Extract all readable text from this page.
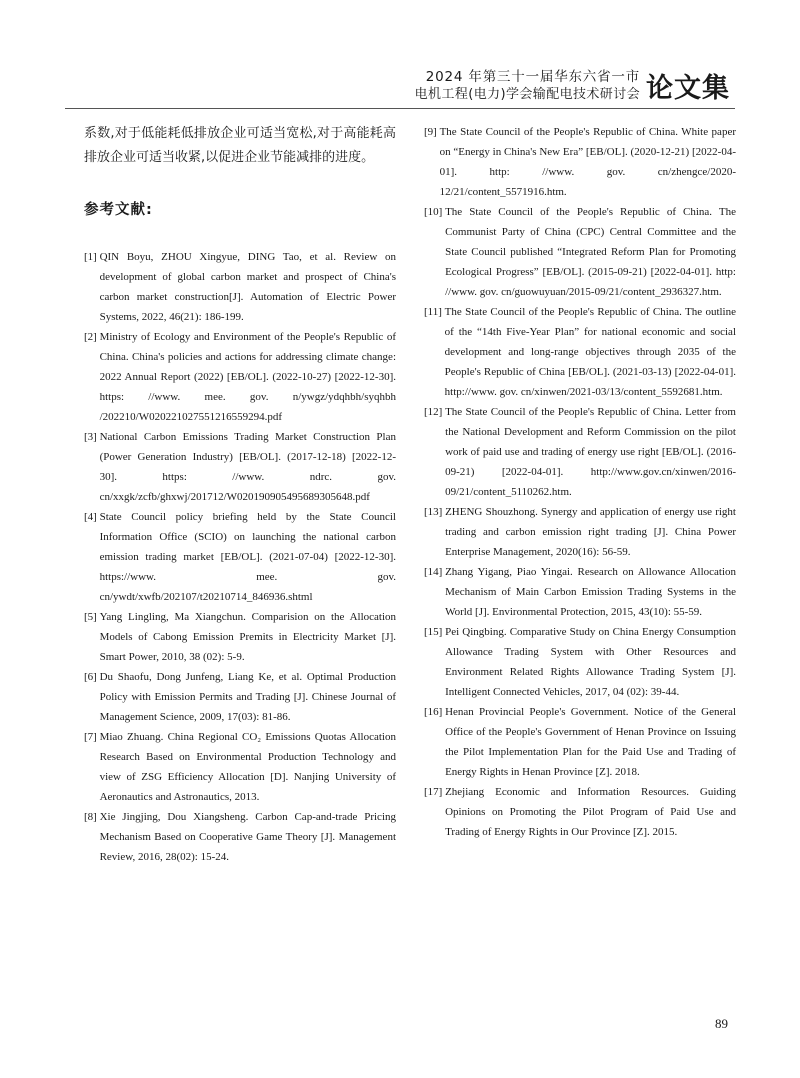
2024 年第三十一届华东六省一市
电机工程(电力)学会输配电技术研讨会 论文集

系数,对于低能耗低排放企业可适当宽松,对于高能耗高排放企业可适当收紧,以促进企业节能减排的进度。

参考文献:
[1] QIN Boyu, ZHOU Xingyue, DING Tao, et al. Review on development of global carbon market and prospect of China's carbon market construction[J]. Automation of Electric Power Systems, 2022, 46(21): 186-199.
[2] Ministry of Ecology and Environment of the People's Republic of China. China's policies and actions for addressing climate change: 2022 Annual Report (2022) [EB/OL]. (2022-10-27) [2022-12-30]. https: //www. mee. gov. n/ywgz/ydqhbh/syqhbh /202210/W020221027551216559294.pdf
[3] National Carbon Emissions Trading Market Construction Plan (Power Generation Industry) [EB/OL]. (2017-12-18) [2022-12-30]. https: //www. ndrc. gov. cn/xxgk/zcfb/ghxwj/201712/W020190905495689305648.pdf
[4] State Council policy briefing held by the State Council Information Office (SCIO) on launching the national carbon emission trading market [EB/OL]. (2021-07-04) [2022-12-30]. https://www. mee. gov. cn/ywdt/xwfb/202107/t20210714_846936.shtml
[5] Yang Lingling, Ma Xiangchun. Comparision on the Allocation Models of Cabong Emission Premits in Electricity Market [J]. Smart Power, 2010, 38 (02): 5-9.
[6] Du Shaofu, Dong Junfeng, Liang Ke, et al. Optimal Production Policy with Emission Permits and Trading [J]. Chinese Journal of Management Science, 2009, 17(03): 81-86.
[7] Miao Zhuang. China Regional CO₂ Emissions Quotas Allocation Research Based on Environmental Production Technology and view of ZSG Efficiency Allocation [D]. Nanjing University of Aeronautics and Astronautics, 2013.
[8] Xie Jingjing, Dou Xiangsheng. Carbon Cap-and-trade Pricing Mechanism Based on Cooperative Game Theory [J]. Management Review, 2016, 28(02): 15-24.
[9] The State Council of the People's Republic of China. White paper on “Energy in China's New Era” [EB/OL]. (2020-12-21) [2022-04-01]. http: //www. gov. cn/zhengce/2020-12/21/content_5571916.htm.
[10] The State Council of the People's Republic of China. The Communist Party of China (CPC) Central Committee and the State Council published “Integrated Reform Plan for Promoting Ecological Progress” [EB/OL]. (2015-09-21) [2022-04-01]. http: //www. gov. cn/guowuyuan/2015-09/21/content_2936327.htm.
[11] The State Council of the People's Republic of China. The outline of the “14th Five-Year Plan” for national economic and social development and long-range objectives through 2035 of the People's Republic of China [EB/OL]. (2021-03-13) [2022-04-01]. http://www. gov. cn/xinwen/2021-03/13/content_5592681.htm.
[12] The State Council of the People's Republic of China. Letter from the National Development and Reform Commission on the pilot work of paid use and trading of energy use right [EB/OL]. (2016-09-21) [2022-04-01]. http://www.gov.cn/xinwen/2016-09/21/content_5110262.htm.
[13] ZHENG Shouzhong. Synergy and application of energy use right trading and carbon emission right trading [J]. China Power Enterprise Management, 2020(16): 56-59.
[14] Zhang Yigang, Piao Yingai. Research on Allowance Allocation Mechanism of Main Carbon Emission Trading Systems in the World [J]. Environmental Protection, 2015, 43(10): 55-59.
[15] Pei Qingbing. Comparative Study on China Energy Consumption Allowance Trading System with Other Resources and Environment Related Rights Allowance Trading System [J]. Intelligent Connected Vehicles, 2017, 04 (02): 39-44.
[16] Henan Provincial People's Government. Notice of the General Office of the People's Government of Henan Province on Issuing the Pilot Implementation Plan for the Paid Use and Trading of Energy Rights in Henan Province [Z]. 2018.
[17] Zhejiang Economic and Information Resources. Guiding Opinions on Promoting the Pilot Program of Paid Use and Trading of Energy Rights in Our Province [Z]. 2015.
89
